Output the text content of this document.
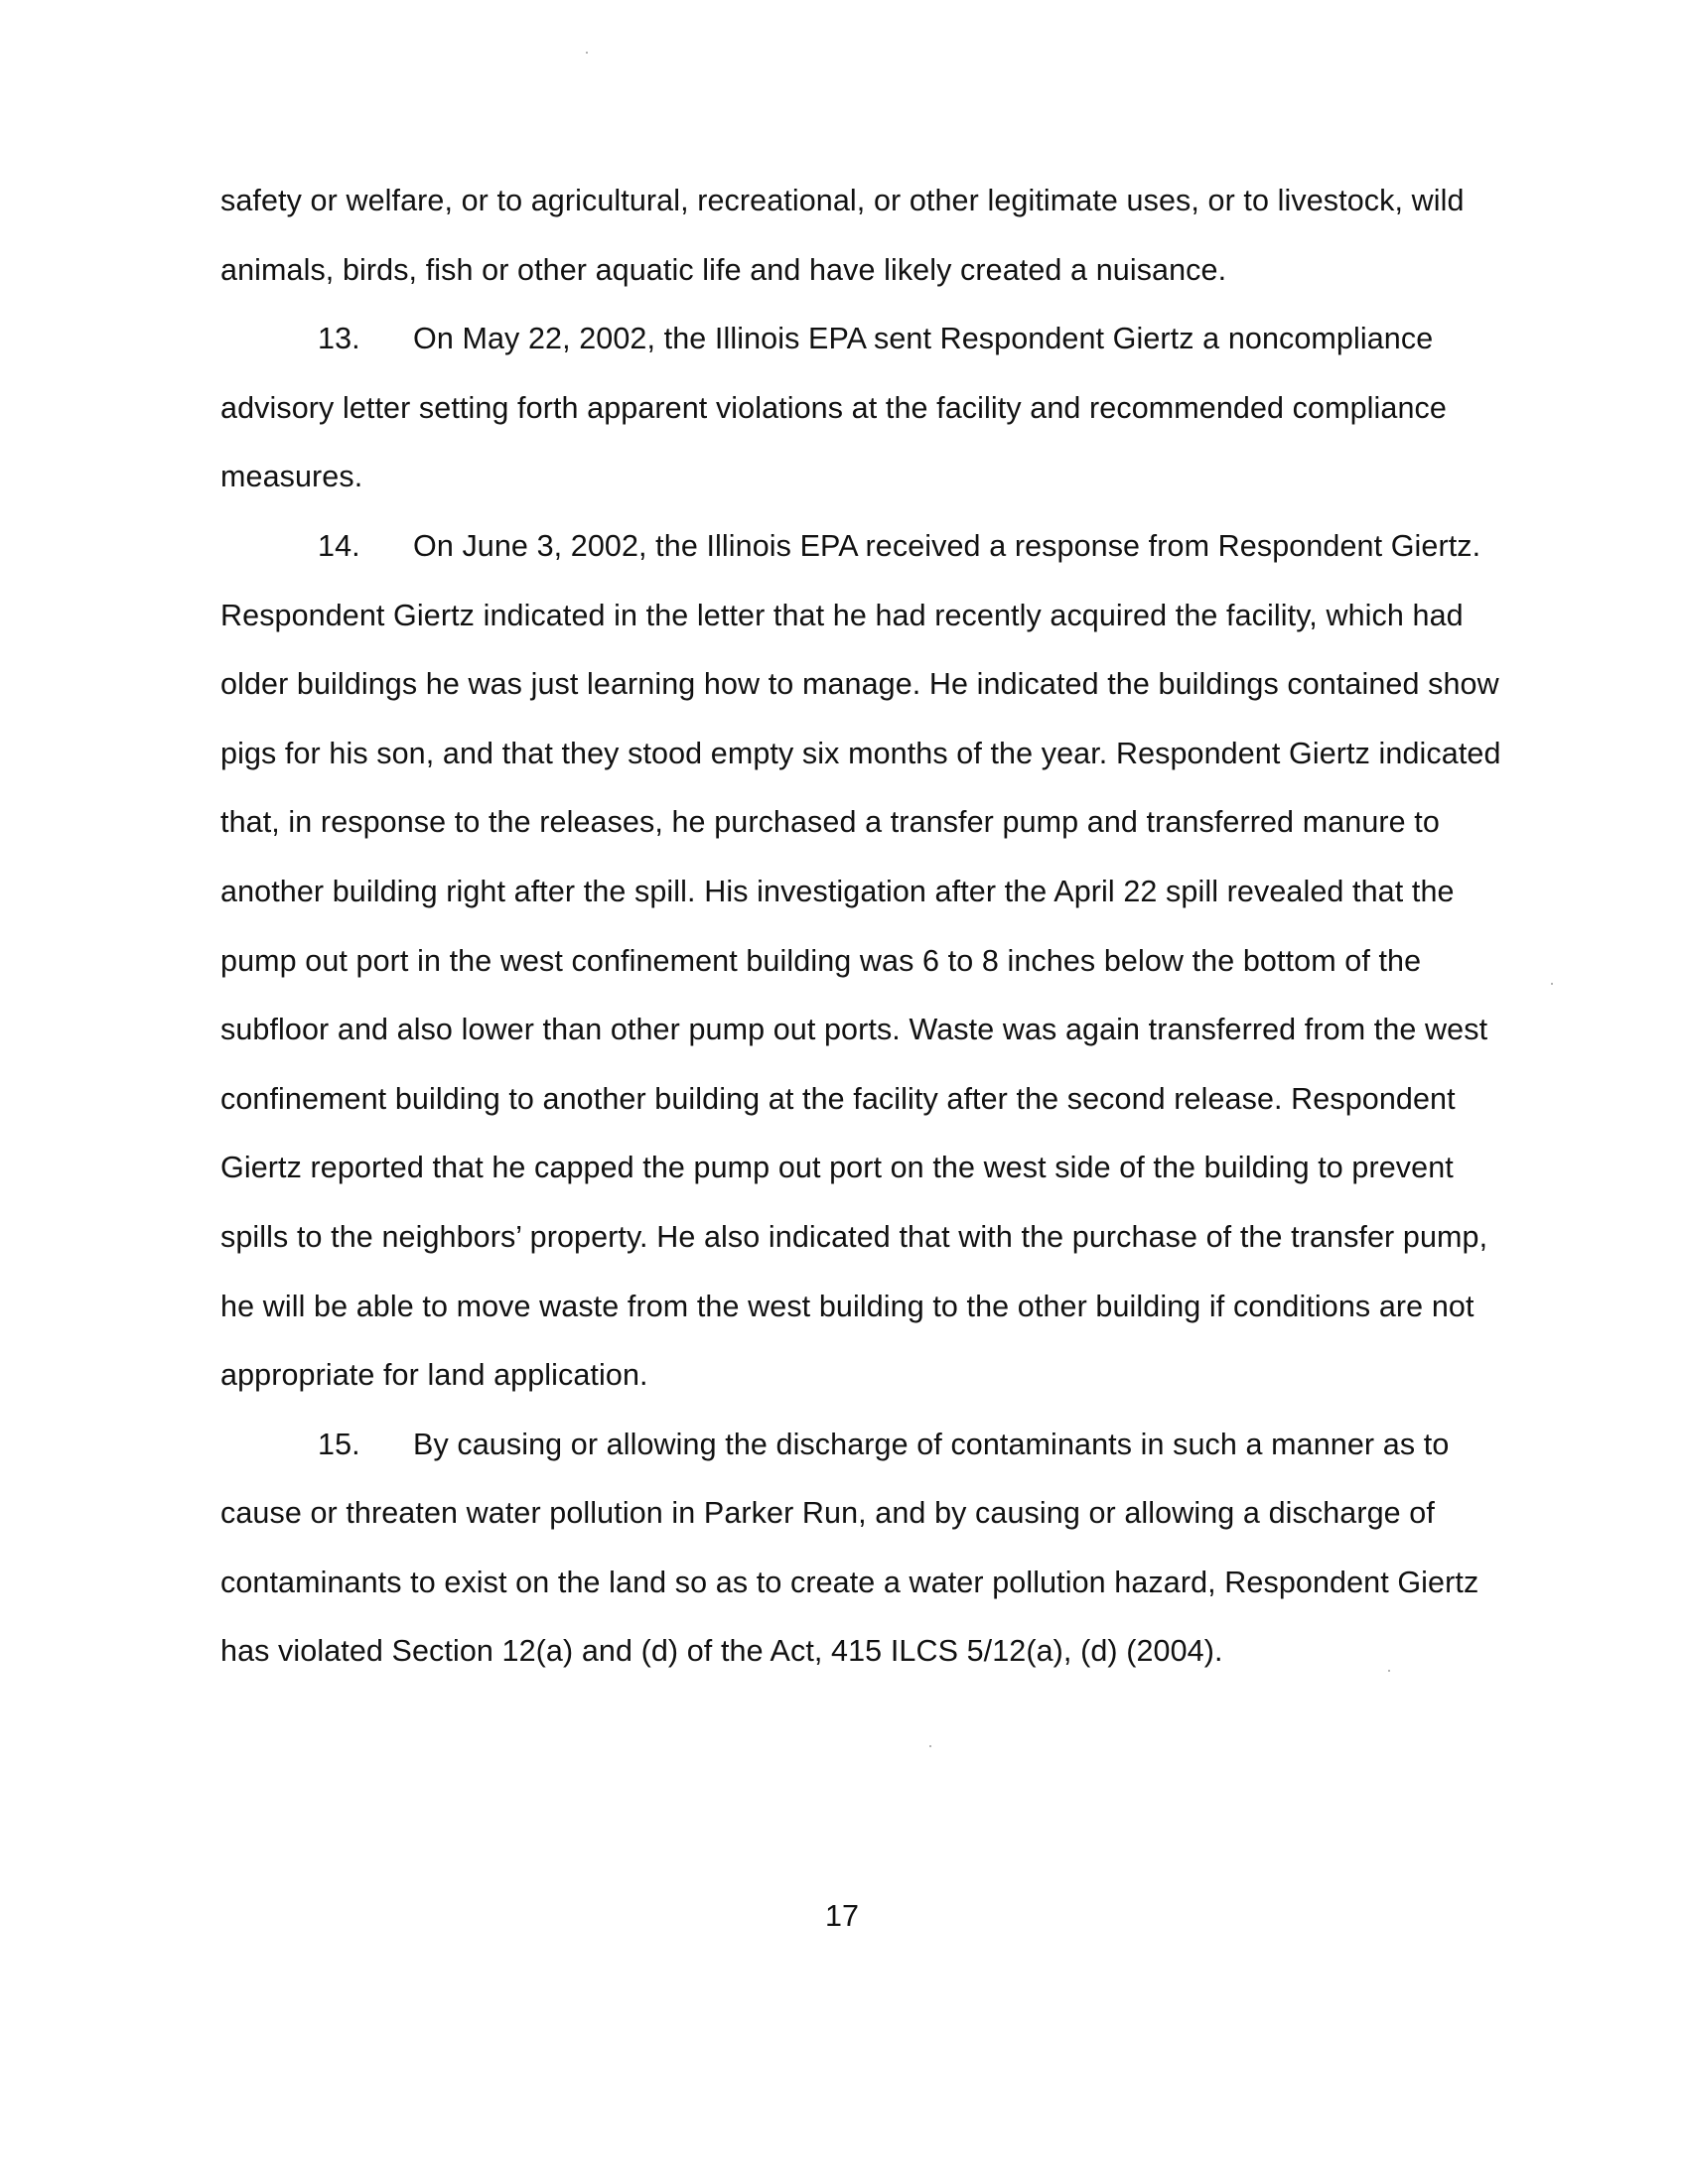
safety or welfare, or to agricultural, recreational, or other legitimate uses, or to livestock, wild animals, birds, fish or other aquatic life and have likely created a nuisance.

13. On May 22, 2002, the Illinois EPA sent Respondent Giertz a noncompliance advisory letter setting forth apparent violations at the facility and recommended compliance measures.

14. On June 3, 2002, the Illinois EPA received a response from Respondent Giertz. Respondent Giertz indicated in the letter that he had recently acquired the facility, which had older buildings he was just learning how to manage. He indicated the buildings contained show pigs for his son, and that they stood empty six months of the year. Respondent Giertz indicated that, in response to the releases, he purchased a transfer pump and transferred manure to another building right after the spill. His investigation after the April 22 spill revealed that the pump out port in the west confinement building was 6 to 8 inches below the bottom of the subfloor and also lower than other pump out ports. Waste was again transferred from the west confinement building to another building at the facility after the second release. Respondent Giertz reported that he capped the pump out port on the west side of the building to prevent spills to the neighbors’ property. He also indicated that with the purchase of the transfer pump, he will be able to move waste from the west building to the other building if conditions are not appropriate for land application.

15. By causing or allowing the discharge of contaminants in such a manner as to cause or threaten water pollution in Parker Run, and by causing or allowing a discharge of contaminants to exist on the land so as to create a water pollution hazard, Respondent Giertz has violated Section 12(a) and (d) of the Act, 415 ILCS 5/12(a), (d) (2004).

17
